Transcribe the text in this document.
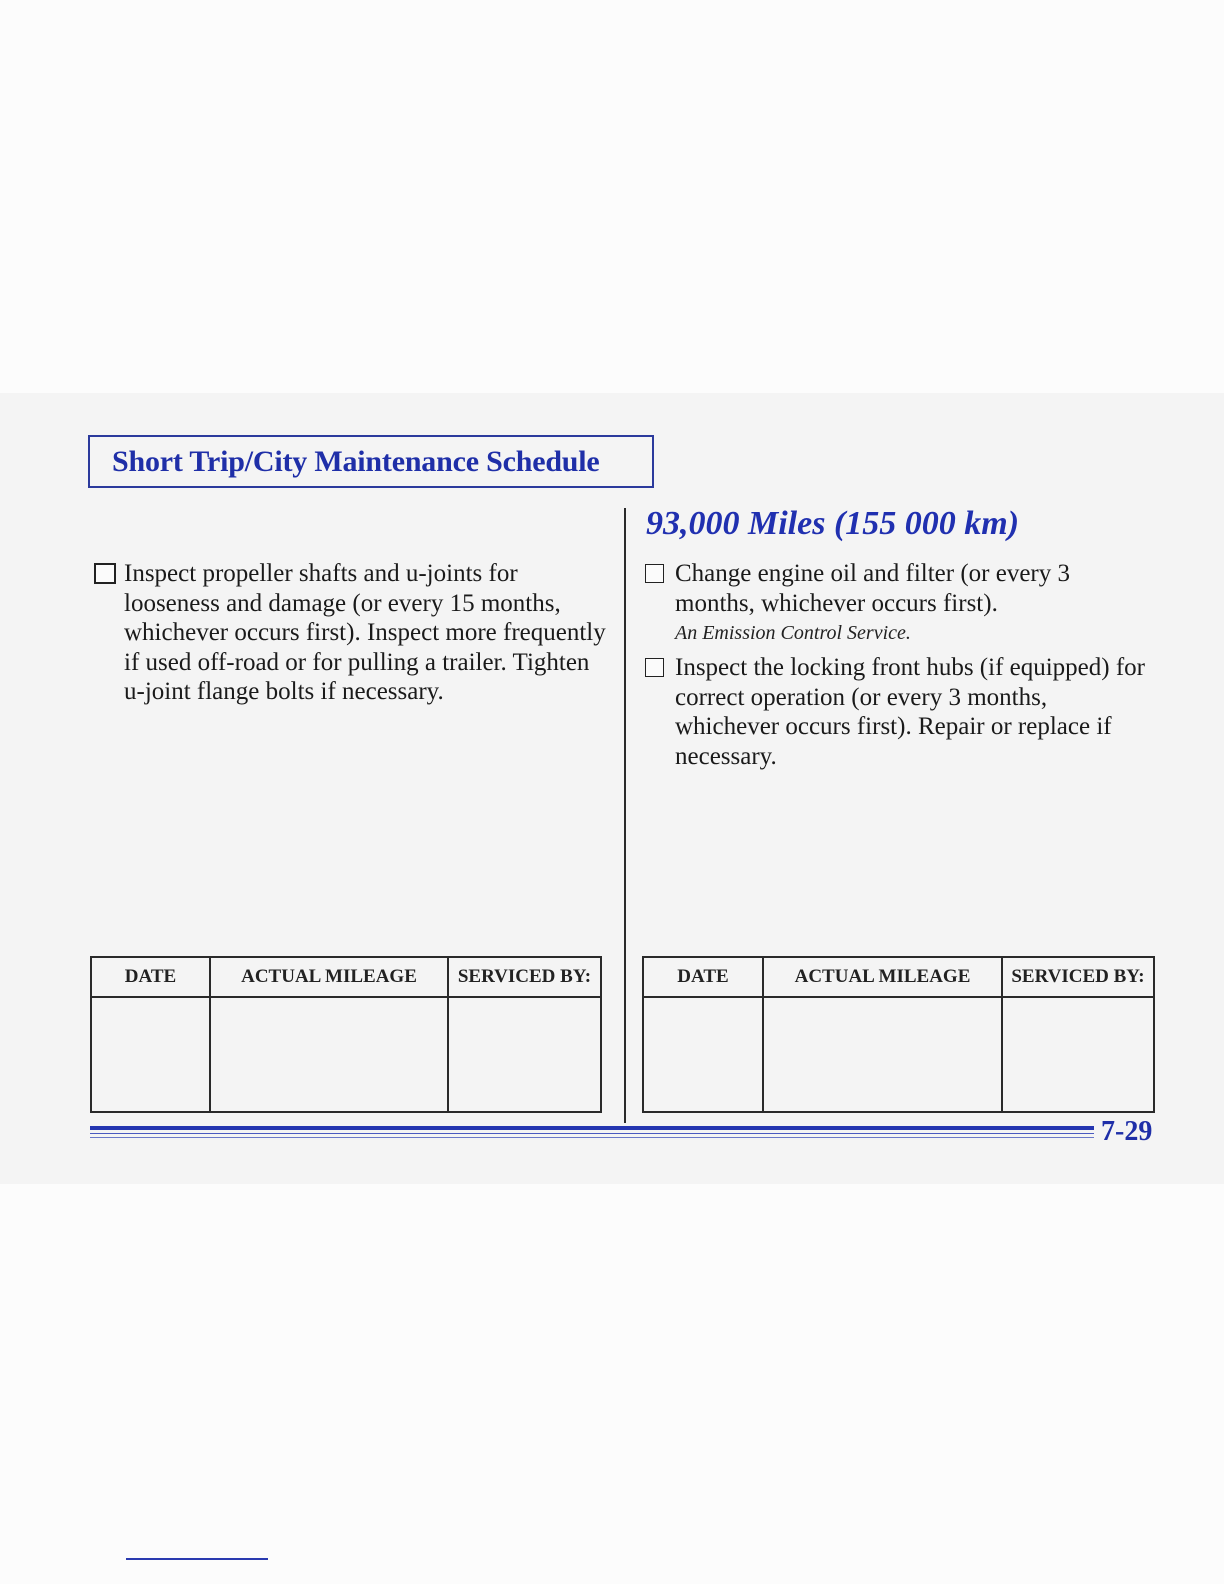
Short Trip/City Maintenance Schedule
Inspect propeller shafts and u-joints for looseness and damage (or every 15 months, whichever occurs first). Inspect more frequently if used off-road or for pulling a trailer. Tighten u-joint flange bolts if necessary.
93,000 Miles (155 000 km)
Change engine oil and filter (or every 3 months, whichever occurs first).
An Emission Control Service.
Inspect the locking front hubs (if equipped) for correct operation (or every 3 months, whichever occurs first). Repair or replace if necessary.
DATE	ACTUAL MILEAGE	SERVICED BY:
			DATE	ACTUAL MILEAGE	SERVICED BY:

7-29
